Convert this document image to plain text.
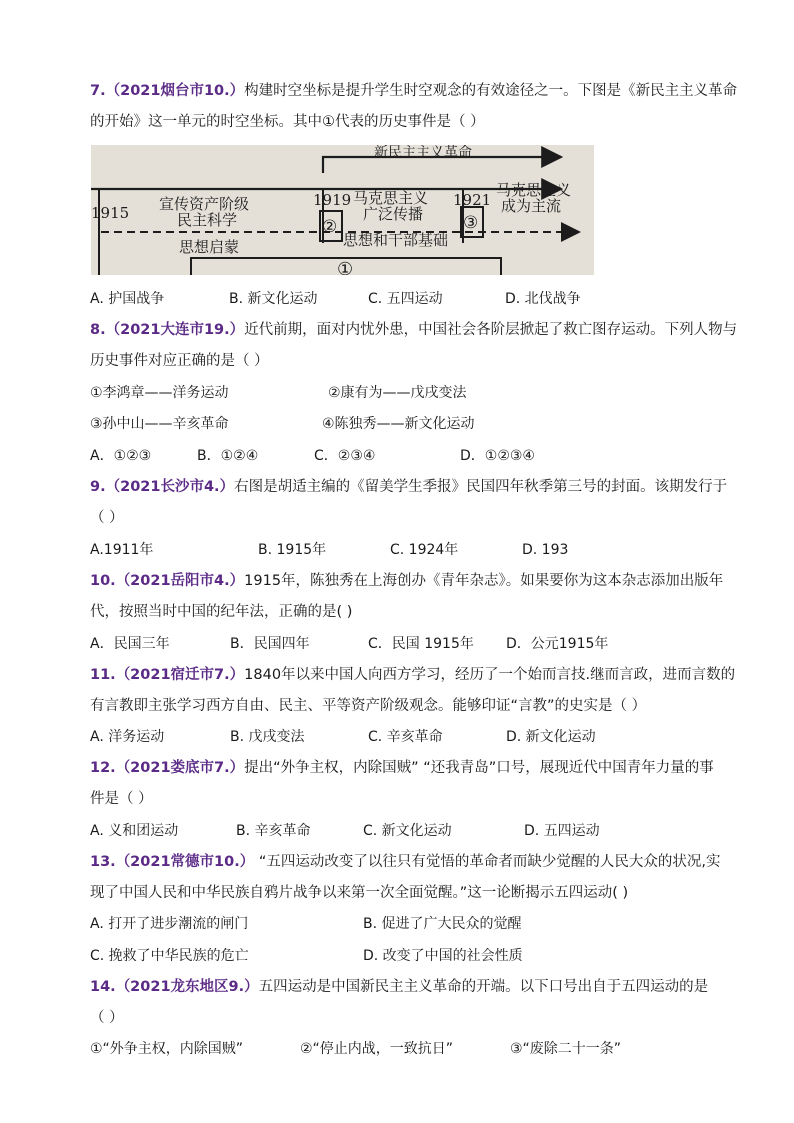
7.（2021烟台市10.）构建时空坐标是提升学生时空观念的有效途径之一。下图是《新民主主义革命
的开始》这一单元的时空坐标。其中①代表的历史事件是（ ）
新民主主义革命
1915
1919	1921
宣传资产阶级
民主科学
思想启蒙
②
马克思主义
广泛传播 ③
马克思主义
成为主流
思想和干部基础
①
A. 护国战争	B. 新文化运动	C. 五四运动	D. 北伐战争
8.（2021大连市19.）近代前期，面对内忧外患，中国社会各阶层掀起了救亡图存运动。下列人物与
历史事件对应正确的是（ ）
①李鸿章——洋务运动	②康有为——戊戌变法
③孙中山——辛亥革命	④陈独秀——新文化运动
A．①②③	B．①②④	C．②③④	D．①②③④
9.（2021长沙市4.）右图是胡适主编的《留美学生季报》民国四年秋季第三号的封面。该期发行于
（ ）
A.1911年	B. 1915年	C. 1924年	D. 193
10.（2021岳阳市4.）1915年，陈独秀在上海创办《青年杂志》。如果要你为这本杂志添加出版年
代，按照当时中国的纪年法，正确的是( )
A．民国三年	B．民国四年	C．民国 1915年 D．公元1915年
11.（2021宿迁市7.）1840年以来中国人向西方学习，经历了一个始而言技.继而言政，进而言数的
有言教即主张学习西方自由、民主、平等资产阶级观念。能够印证“言教”的史实是（ ）
A. 洋务运动	B. 戊戌变法	C. 辛亥革命	D. 新文化运动
12.（2021娄底市7.）提出“外争主权，内除国贼” “还我青岛”口号，展现近代中国青年力量的事
件是（ ）
A. 义和团运动	B. 辛亥革命	C. 新文化运动	D. 五四运动
13.（2021常德市10.） “五四运动改变了以往只有觉悟的革命者而缺少觉醒的人民大众的状况,实
现了中国人民和中华民族自鸦片战争以来第一次全面觉醒。”这一论断揭示五四运动( )
A. 打开了进步潮流的闸门	B. 促进了广大民众的觉醒
C. 挽救了中华民族的危亡	D. 改变了中国的社会性质
14.（2021龙东地区9.）五四运动是中国新民主主义革命的开端。以下口号出自于五四运动的是
（ ）
①“外争主权，内除国贼”	②“停止内战，一致抗日”	③“废除二十一条”
